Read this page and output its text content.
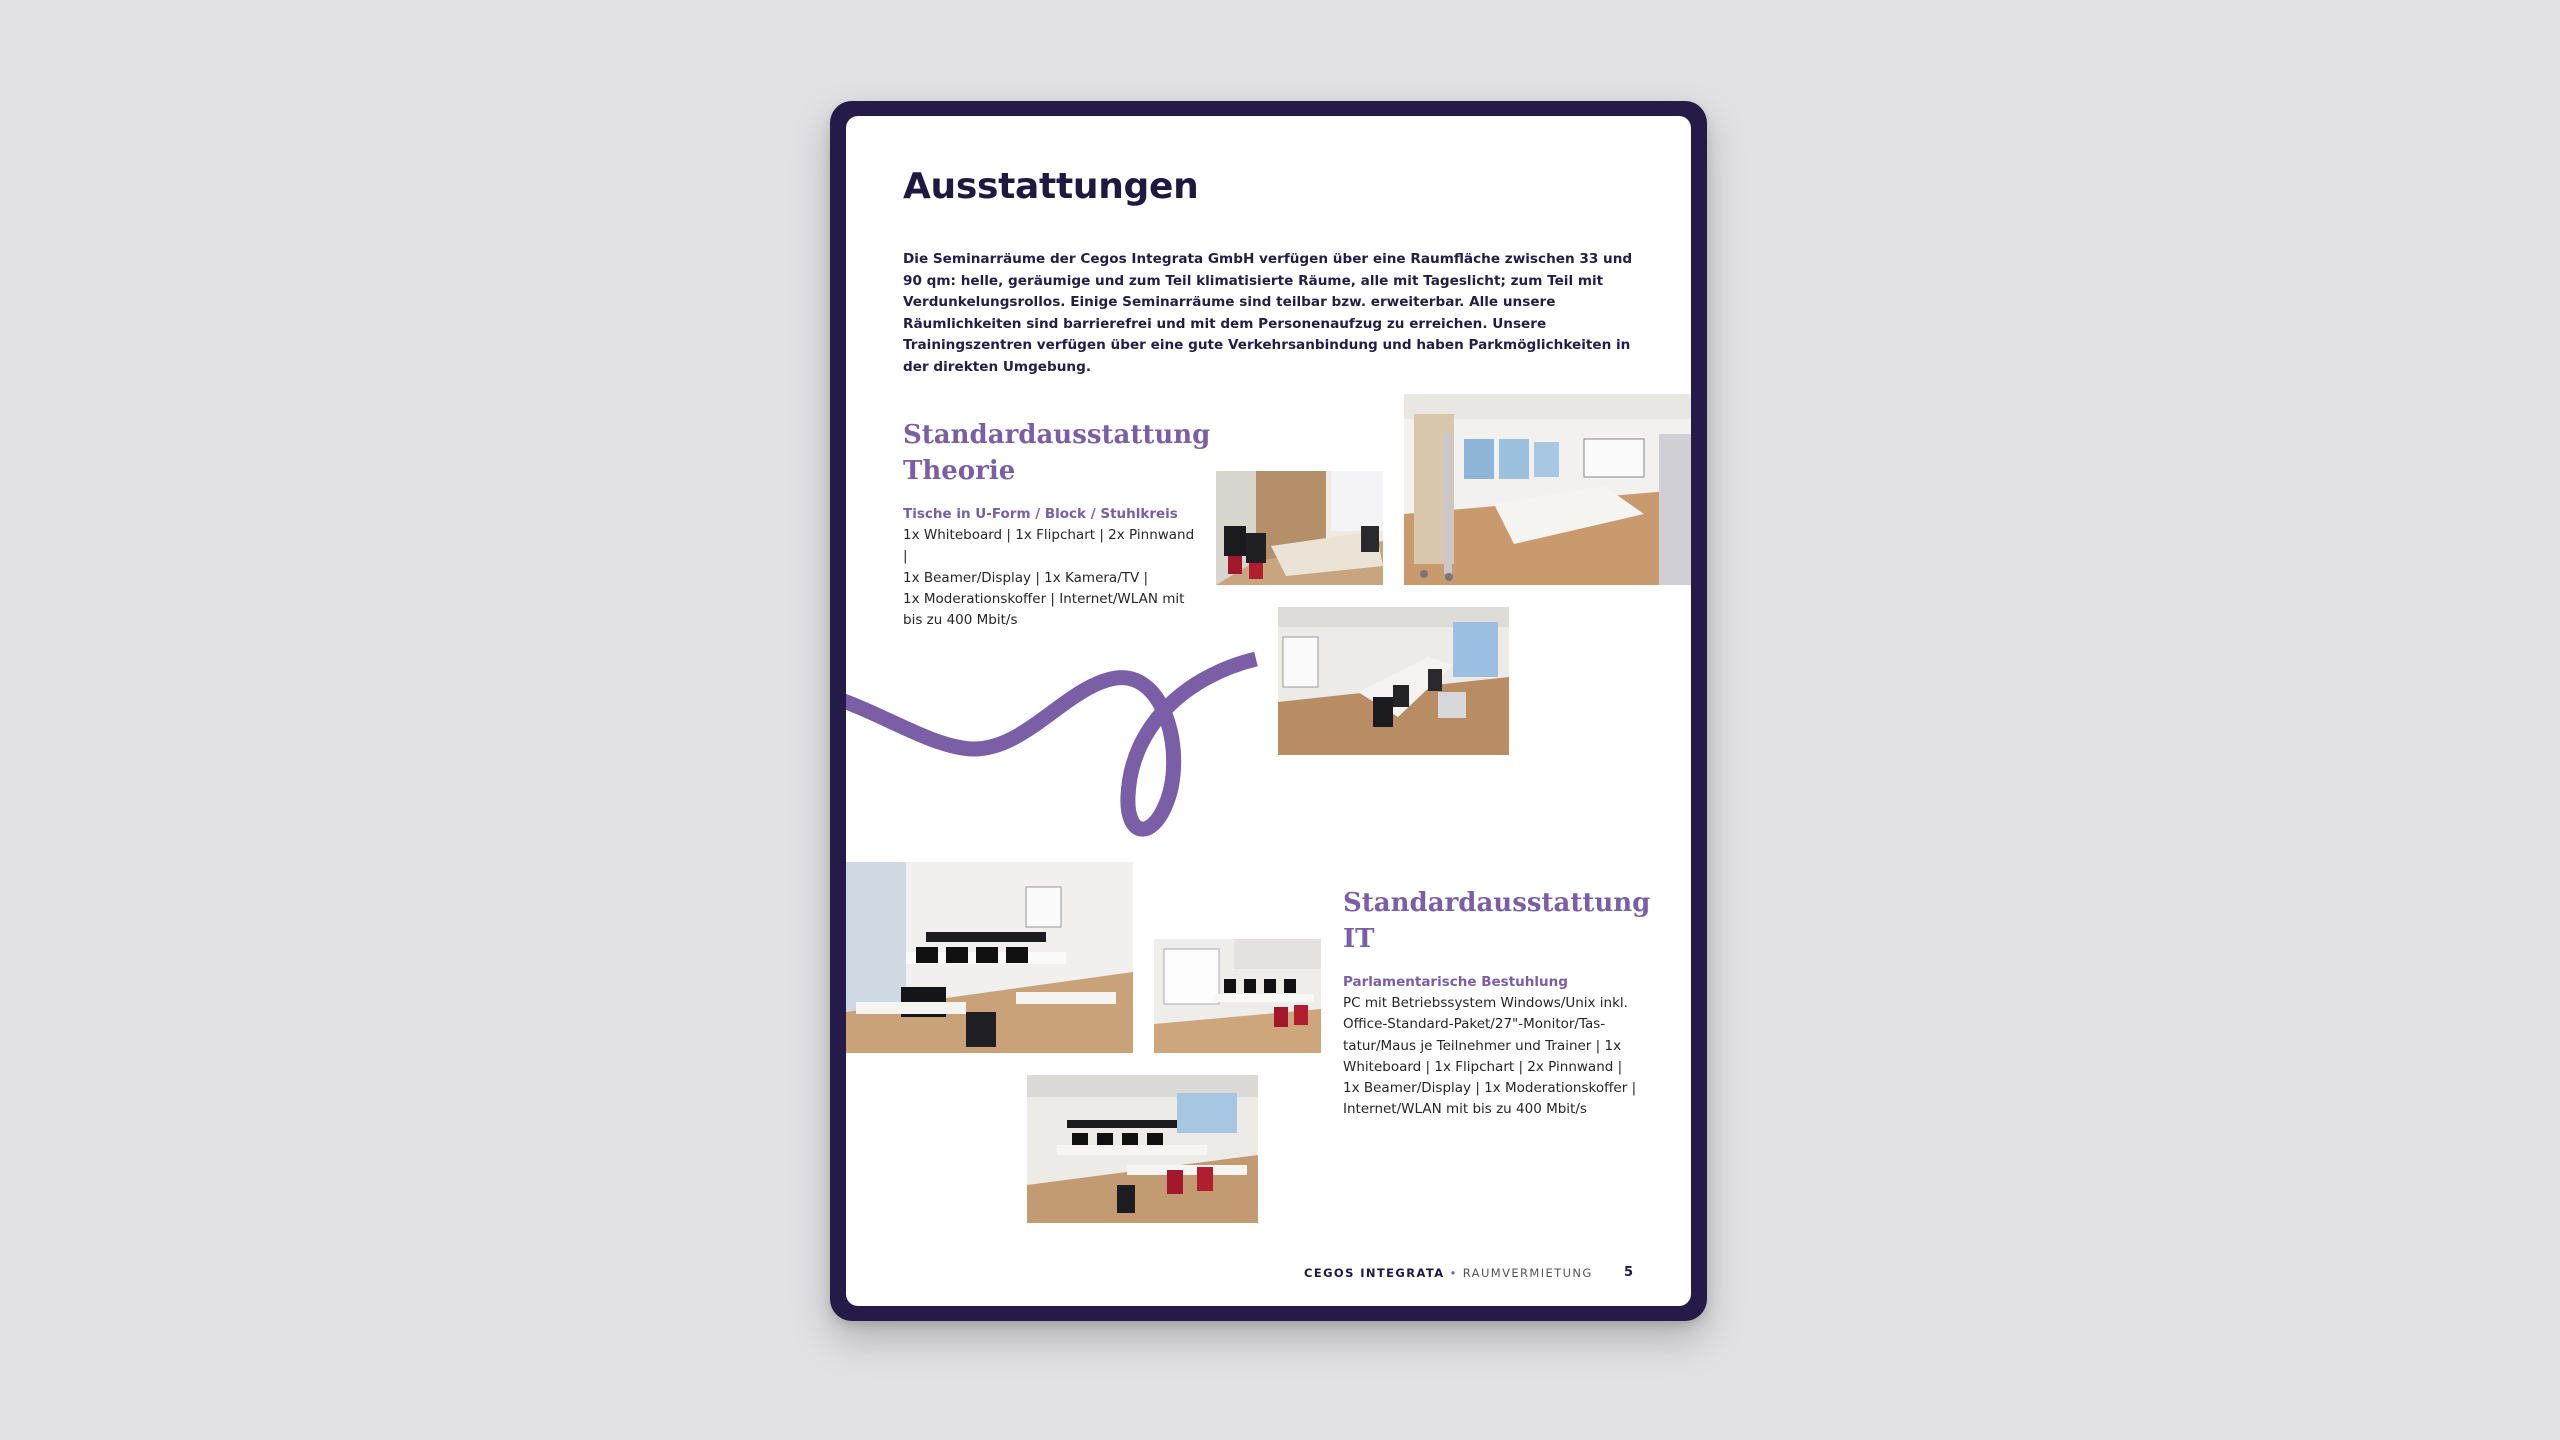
Ausstattungen

Die Seminarräume der Cegos Integrata GmbH verfügen über eine Raumfläche zwischen 33 und 90 qm: helle, geräumige und zum Teil klimatisierte Räume, alle mit Tageslicht; zum Teil mit Verdunkelungsrollos. Einige Seminarräume sind teilbar bzw. erweiterbar. Alle unsere Räumlichkeiten sind barrierefrei und mit dem Personenaufzug zu erreichen. Unsere Trainingszentren verfügen über eine gute Verkehrsanbindung und haben Parkmöglichkeiten in der direkten Umgebung.

Standardausstattung
Theorie
Tische in U-Form / Block / Stuhlkreis

1x Whiteboard | 1x Flipchart | 2x Pinnwand |
1x Beamer/Display | 1x Kamera/TV |
1x Moderationskoffer | Internet/WLAN mit
bis zu 400 Mbit/s

Standardausstattung
IT
Parlamentarische Bestuhlung

PC mit Betriebssystem Windows/Unix inkl.
Office-Standard-Paket/27"-Monitor/Tas-
tatur/Maus je Teilnehmer und Trainer | 1x
Whiteboard | 1x Flipchart | 2x Pinnwand |
1x Beamer/Display | 1x Moderationskoffer |
Internet/WLAN mit bis zu 400 Mbit/s

CEGOS INTEGRATA • RAUMVERMIETUNG 5
